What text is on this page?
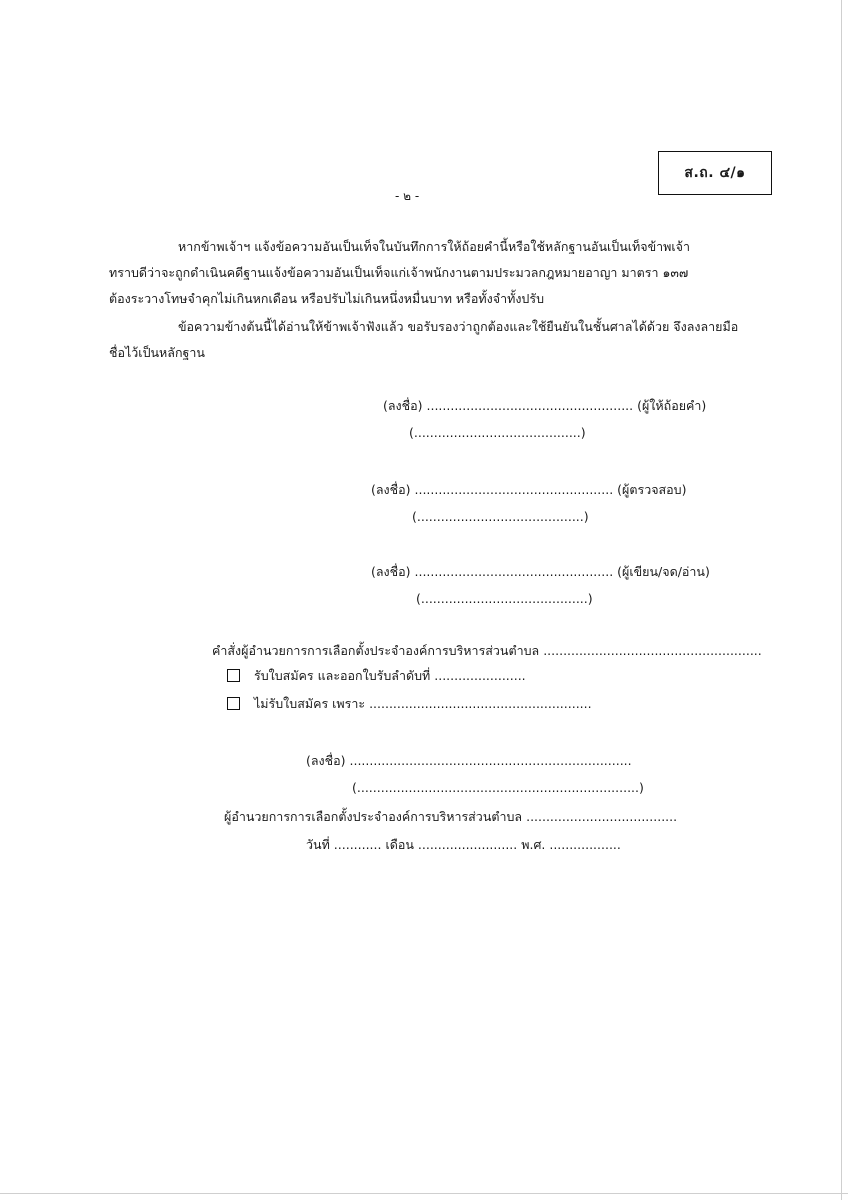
ส.ถ. ๔/๑
- ๒ -
หากข้าพเจ้าฯ แจ้งข้อความอันเป็นเท็จในบันทึกการให้ถ้อยคำนี้หรือใช้หลักฐานอันเป็นเท็จข้าพเจ้า
ทราบดีว่าจะถูกดำเนินคดีฐานแจ้งข้อความอันเป็นเท็จแก่เจ้าพนักงานตามประมวลกฎหมายอาญา มาตรา ๑๓๗
ต้องระวางโทษจำคุกไม่เกินหกเดือน หรือปรับไม่เกินหนึ่งหมื่นบาท หรือทั้งจำทั้งปรับ
ข้อความข้างต้นนี้ได้อ่านให้ข้าพเจ้าฟังแล้ว ขอรับรองว่าถูกต้องและใช้ยืนยันในชั้นศาลได้ด้วย จึงลงลายมือ
ชื่อไว้เป็นหลักฐาน
(ลงชื่อ) .................................................... (ผู้ให้ถ้อยคำ)
(..........................................)
(ลงชื่อ) .................................................. (ผู้ตรวจสอบ)
(..........................................)
(ลงชื่อ) .................................................. (ผู้เขียน/จด/อ่าน)
(..........................................)
คำสั่งผู้อำนวยการการเลือกตั้งประจำองค์การบริหารส่วนตำบล .......................................................
รับใบสมัคร และออกใบรับลำดับที่ .......................
ไม่รับใบสมัคร เพราะ ........................................................
(ลงชื่อ) .......................................................................
(.......................................................................)
ผู้อำนวยการการเลือกตั้งประจำองค์การบริหารส่วนตำบล ......................................
วันที่ ............ เดือน ......................... พ.ศ. ..................
